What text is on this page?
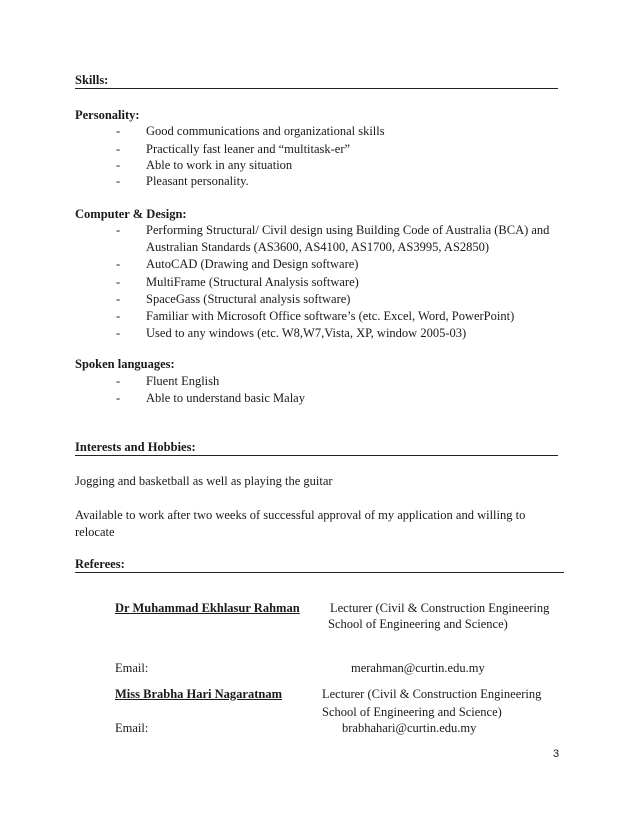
Skills:
Personality:
- Good communications and organizational skills
- Practically fast leaner and “multitask-er”
- Able to work in any situation
- Pleasant personality.
Computer & Design:
- Performing Structural/ Civil design using Building Code of Australia (BCA) and
Australian Standards (AS3600, AS4100, AS1700, AS3995, AS2850)
- AutoCAD (Drawing and Design software)
- MultiFrame (Structural Analysis software)
- SpaceGass (Structural analysis software)
- Familiar with Microsoft Office software’s (etc. Excel, Word, PowerPoint)
- Used to any windows (etc. W8,W7,Vista, XP, window 2005-03)
Spoken languages:
- Fluent English
- Able to understand basic Malay
Interests and Hobbies:
Jogging and basketball as well as playing the guitar
Available to work after two weeks of successful approval of my application and willing to
relocate
Referees:
Dr Muhammad Ekhlasur Rahman Lecturer (Civil & Construction Engineering
School of Engineering and Science)
Email:	merahman@curtin.edu.my
Miss Brabha Hari Nagaratnam	Lecturer (Civil & Construction Engineering
School of Engineering and Science)
Email:	brabhahari@curtin.edu.my
3
